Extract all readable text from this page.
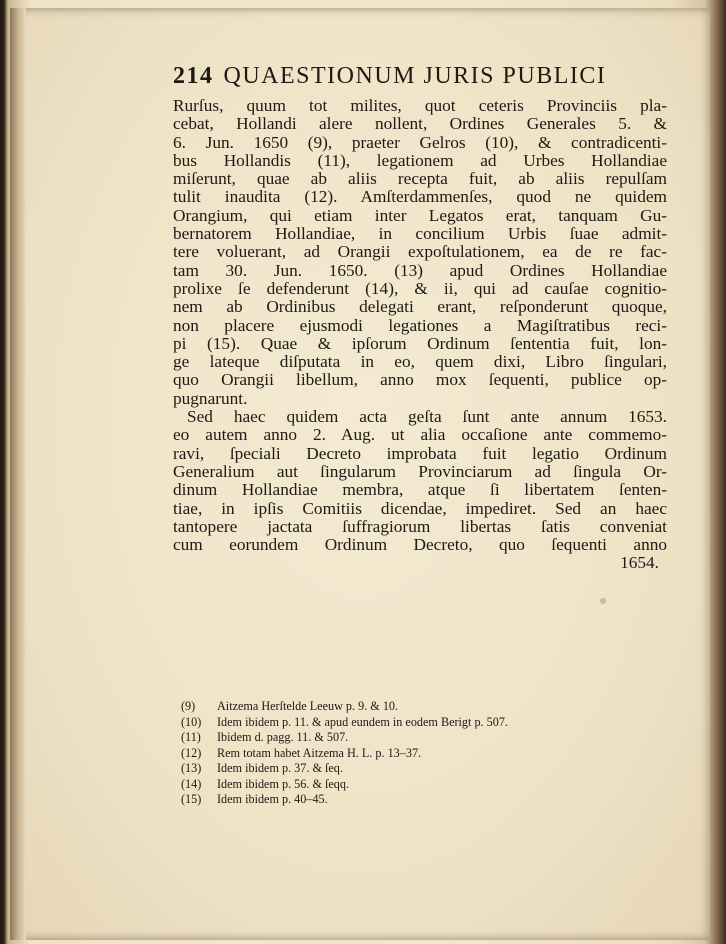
214 QUAESTIONUM JURIS PUBLICI
Rurſus, quum tot milites, quot ceteris Provinciis pla-
cebat, Hollandi alere nollent, Ordines Generales 5. &
6. Jun. 1650 (9), praeter Gelros (10), & contradicenti-
bus Hollandis (11), legationem ad Urbes Hollandiae
miſerunt, quae ab aliis recepta fuit, ab aliis repulſam
tulit inaudita (12). Amſterdammenſes, quod ne quidem
Orangium, qui etiam inter Legatos erat, tanquam Gu-
bernatorem Hollandiae, in concilium Urbis ſuae admit-
tere voluerant, ad Orangii expoſtulationem, ea de re fac-
tam 30. Jun. 1650. (13) apud Ordines Hollandiae
prolixe ſe defenderunt (14), & ii, qui ad cauſae cognitio-
nem ab Ordinibus delegati erant, reſponderunt quoque,
non placere ejusmodi legationes a Magiſtratibus reci-
pi (15). Quae & ipſorum Ordinum ſententia fuit, lon-
ge lateque diſputata in eo, quem dixi, Libro ſingulari,
quo Orangii libellum, anno mox ſequenti, publice op-
pugnarunt.
Sed haec quidem acta geſta ſunt ante annum 1653.
eo autem anno 2. Aug. ut alia occaſione ante commemo-
ravi, ſpeciali Decreto improbata fuit legatio Ordinum
Generalium aut ſingularum Provinciarum ad ſingula Or-
dinum Hollandiae membra, atque ſi libertatem ſenten-
tiae, in ipſis Comitiis dicendae, impediret. Sed an haec
tantopere jactata ſuffragiorum libertas ſatis conveniat
cum eorundem Ordinum Decreto, quo ſequenti anno
1654.
(9) Aitzema Herſtelde Leeuw p. 9. & 10.
(10) Idem ibidem p. 11. & apud eundem in eodem Berigt p. 507.
(11) Ibidem d. pagg. 11. & 507.
(12) Rem totam habet Aitzema H. L. p. 13–37.
(13) Idem ibidem p. 37. & ſeq.
(14) Idem ibidem p. 56. & ſeqq.
(15) Idem ibidem p. 40–45.
